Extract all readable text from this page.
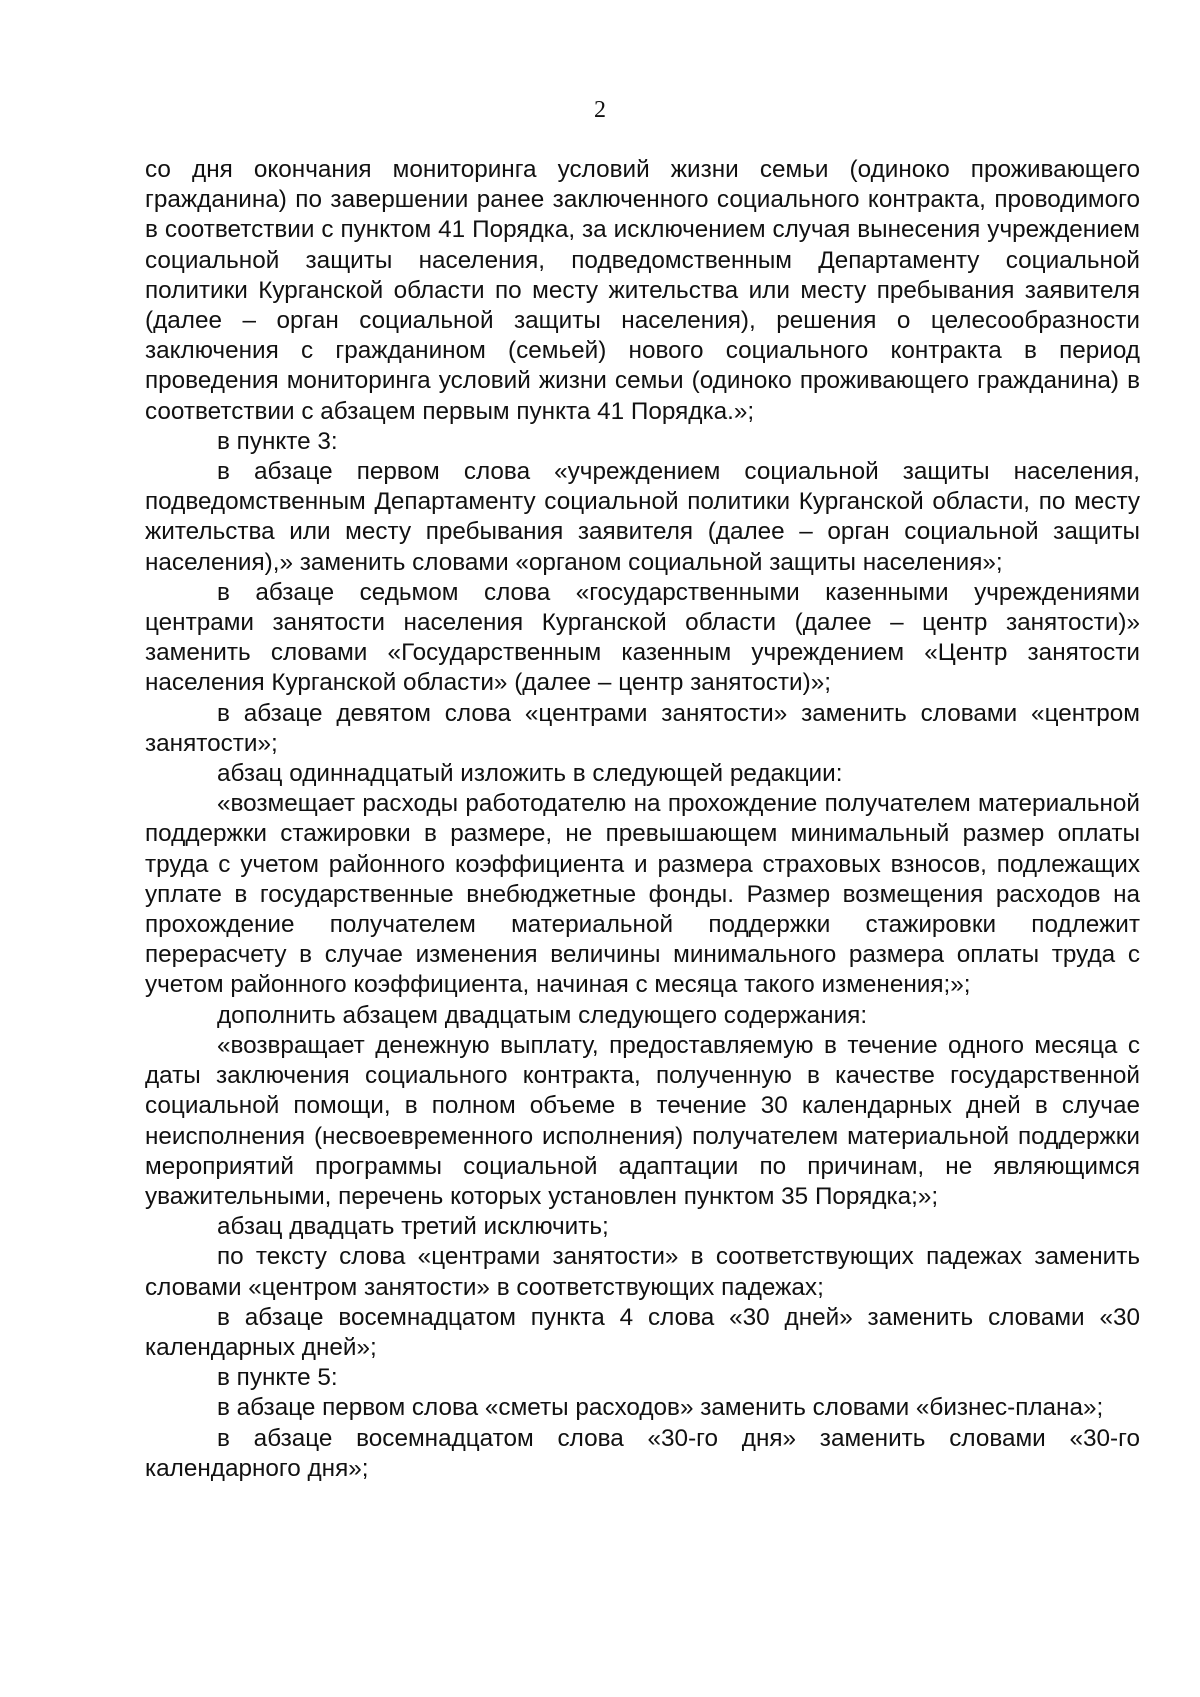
2

со дня окончания мониторинга условий жизни семьи (одиноко проживающего гражданина) по завершении ранее заключенного социального контракта, проводимого в соответствии с пунктом 41 Порядка, за исключением случая вынесения учреждением социальной защиты населения, подведомственным Департаменту социальной политики Курганской области по месту жительства или месту пребывания заявителя (далее – орган социальной защиты населения), решения о целесообразности заключения с гражданином (семьей) нового социального контракта в период проведения мониторинга условий жизни семьи (одиноко проживающего гражданина) в соответствии с абзацем первым пункта 41 Порядка.»;

в пункте 3:

в абзаце первом слова «учреждением социальной защиты населения, подведомственным Департаменту социальной политики Курганской области, по месту жительства или месту пребывания заявителя (далее – орган социальной защиты населения),» заменить словами «органом социальной защиты населения»;

в абзаце седьмом слова «государственными казенными учреждениями центрами занятости населения Курганской области (далее – центр занятости)» заменить словами «Государственным казенным учреждением «Центр занятости населения Курганской области» (далее – центр занятости)»;

в абзаце девятом слова «центрами занятости» заменить словами «центром занятости»;

абзац одиннадцатый изложить в следующей редакции:

«возмещает расходы работодателю на прохождение получателем материальной поддержки стажировки в размере, не превышающем минимальный размер оплаты труда с учетом районного коэффициента и размера страховых взносов, подлежащих уплате в государственные внебюджетные фонды. Размер возмещения расходов на прохождение получателем материальной поддержки стажировки подлежит перерасчету в случае изменения величины минимального размера оплаты труда с учетом районного коэффициента, начиная с месяца такого изменения;»;

дополнить абзацем двадцатым следующего содержания:

«возвращает денежную выплату, предоставляемую в течение одного месяца с даты заключения социального контракта, полученную в качестве государственной социальной помощи, в полном объеме в течение 30 календарных дней в случае неисполнения (несвоевременного исполнения) получателем материальной поддержки мероприятий программы социальной адаптации по причинам, не являющимся уважительными, перечень которых установлен пунктом 35 Порядка;»;

абзац двадцать третий исключить;

по тексту слова «центрами занятости» в соответствующих падежах заменить словами «центром занятости» в соответствующих падежах;

в абзаце восемнадцатом пункта 4 слова «30 дней» заменить словами «30 календарных дней»;

в пункте 5:

в абзаце первом слова «сметы расходов» заменить словами «бизнес-плана»;

в абзаце восемнадцатом слова «30-го дня» заменить словами «30-го календарного дня»;
